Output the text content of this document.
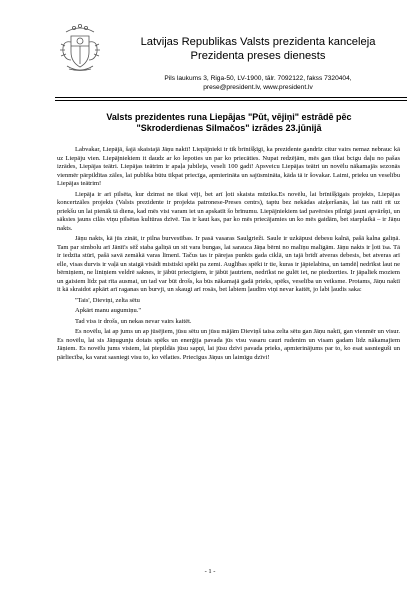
Latvijas Republikas Valsts prezidenta kanceleja
Prezidenta preses dienests
Pils laukums 3, Riga-50, LV-1900, tālr. 7092122, fakss 7320404,
prese@president.lv, www.president.lv
Valsts prezidentes runa Liepājas "Pūt, vējiņi" estrādē pēc
"Skroderdienas Silmačos" izrādes 23.jūnijā

Labvakar, Liepājā, šajā skaistajā Jāņu naktī! Liepājnieki ir tik brīnišķīgi, ka prezidente gandrīz citur vairs nemaz nebrauc kā uz Liepāju vien. Liepājniekiem it daudz ar ko lepoties un par ko priecāties. Nupat redzējām, mēs gan tikai bcigu daļu no pašas izrādes, Liepājas teātri. Liepājas teātrim ir apaļa jubileja, veseli 100 gadi! Apsveicu Liepājas teātri un novēlu nākamajās sezonās vienmēr pārpildītas zāles, lai publika būtu tikpat priecīga, apmierināta un sajūsmināta, kāda tā ir šovakar. Laimi, prieku un veselību Liepājas teātrim!

Liepāja ir arī pilsēta, kur dzimst ne tikai vēji, bet arī ļoti skaista mūzika.Es novēlu, lai brīnišķīgais projekts, Liepājas koncertzāles projekts (Valsts prezidente ir projekta patronese-Preses centrs), taptu bez nekādas aizķeršanās, lai tas raiti rit uz priekšu un lai pienāk tā diena, kad mēs visi varam iet un apskatīt šo brīnumu. Liepājniekiem tad pavērsies pilnīgi jauni apvāršņi, un sāksies jauns cilās viņu pilsētas kultūras dzīvē. Tas ir kaut kas, par ko mēs priecājamies un ko mēs gaidām, bet starplaikā – ir Jāņu nakts.

Jāņu nakts, kā jūs zināt, ir pilna burvestības. Ir pasā vasaras Saulgrieži. Saule ir uzkāpusi debesu kalnā, pašā kalna galiņā. Tam par simbolu arī Jānīt's sēž staba galiņā un sit vara bungas, lai sarauca Jāņa bērni no malīņu malīgām. Jāņu nakts ir ļoti īsa. Tā ir iedzīta stūrī, pašā savā zemākā varas līmenī. Tačus tas ir pārejas punkts gada ciklā, un tajā brīdī atveras debesis, bet atveras arī elle, visas durvis ir vaļā un staigā visādi mistiski spēki pa zemi. Auglības spēki ir tie, kuras ir jāpielabina, un tamdēļ nedrīkst laut ne bērniņiem, ne liniņiem veldrē saknes, ir jābūt priecīgiem, ir jābūt jautriem, nedrīkst ne gulēt iet, ne piedzerties. Ir jāpalīek moziem un gaisiem līdz pat rīta ausmai, un tad var būt drošs, ka būs nākamajā gadā prieks, spēks, veselība un veiksme. Protams, Jāņu naktī it kā skraidot apkārt arī raganas un burvji, un skaugi arī rosās, bet labiem ļaudīm viņi nevar kaitēt, jo labi ļaudis saka:

"Tais', Dieviņi, zelta sētu

Apkārt manu augumiņu."

Tad viss ir drošs, un nekas nevar vairs kaitēt.

Es novēlu, lai ap jums un ap jūsējiem, jūsu sētu un jūsu mājām Dieviņš taisa zelta sētu gan Jāņu naktī, gan vienmēr un visur. Es novēlu, lai sis Jāņugunju dotais spēks un enerģija pavada jūs visu vasaru cauri rudenim un visam gadam līdz nākamajiem Jāņiem. Es novēlu jums visiem, lai piepildās jūsu sapņi, lai jūsu dzīvi pavada prieks, apmierinājums par to, ko esat sasnieguši un pārliecība, ka varat sasniegt visu to, ko vēlaties. Priecīgus Jāņus un laimīgu dzīvi!

- 1 -
